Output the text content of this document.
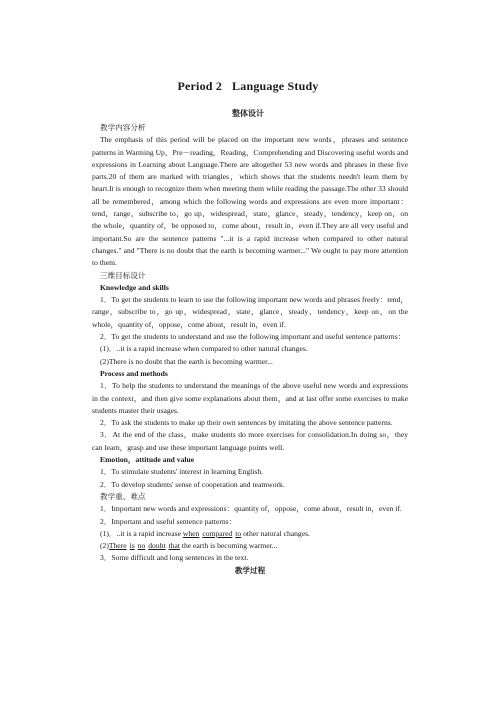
Period 2 Language Study
整体设计

教学内容分析

The emphasis of this period will be placed on the important new words，phrases and sentence patterns in Warming Up，Pre－reading，Reading，Comprehending and Discovering useful words and expressions in Learning about Language.There are altogether 53 new words and phrases in these five parts.20 of them are marked with triangles，which shows that the students needn't learn them by heart.It is enough to recognize them when meeting them while reading the passage.The other 33 should all be remembered，among which the following words and expressions are even more important：tend，range，subscribe to，go up，widespread，state，glance，steady，tendency，keep on，on the whole，quantity of，be opposed to，come about，result in，even if.They are all very useful and important.So are the sentence patterns "...it is a rapid increase when compared to other natural changes." and "There is no doubt that the earth is becoming warmer..." We ought to pay more attention to them.

三维目标设计

Knowledge and skills

1．To get the students to learn to use the following important new words and phrases freely：tend，range，subscribe to，go up，widespread，state，glance，steady，tendency，keep on，on the whole，quantity of，oppose，come about，result in，even if.

2．To get the students to understand and use the following important and useful sentence patterns：

(1)．..it is a rapid increase when compared to other natural changes.

(2)There is no doubt that the earth is becoming warmer...

Process and methods

1．To help the students to understand the meanings of the above useful new words and expressions in the context，and then give some explanations about them，and at last offer some exercises to make students master their usages.

2．To ask the students to make up their own sentences by imitating the above sentence patterns.

3．At the end of the class，make students do more exercises for consolidation.In doing so，they can learn，grasp and use these important language points well.

Emotion，attitude and value

1．To stimulate students' interest in learning English.

2．To develop students' sense of cooperation and teamwork.

教学重、难点

1．Important new words and expressions：quantity of，oppose，come about，result in，even if.

2．Important and useful sentence patterns：

(1)．..it is a rapid increase when compared to other natural changes.

(2)There is no doubt that the earth is becoming warmer...

3．Some difficult and long sentences in the text.

教学过程
